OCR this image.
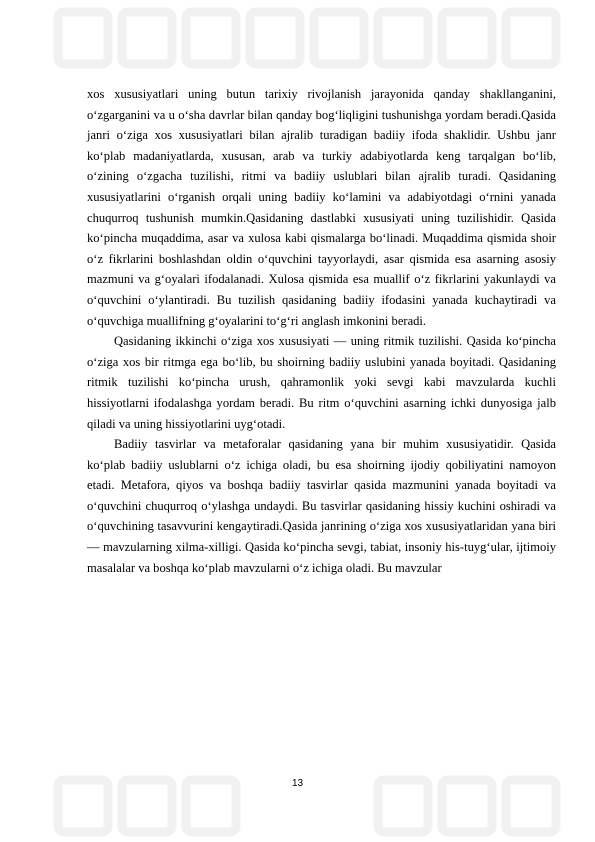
xos xususiyatlari uning butun tarixiy rivojlanish jarayonida qanday shakllanganini, o‘zgarganini va u o‘sha davrlar bilan qanday bog‘liqligini tushunishga yordam beradi.Qasida janri o‘ziga xos xususiyatlari bilan ajralib turadigan badiiy ifoda shaklidir. Ushbu janr ko‘plab madaniyatlarda, xususan, arab va turkiy adabiyotlarda keng tarqalgan bo‘lib, o‘zining o‘zgacha tuzilishi, ritmi va badiiy uslublari bilan ajralib turadi. Qasidaning xususiyatlarini o‘rganish orqali uning badiiy ko‘lamini va adabiyotdagi o‘rnini yanada chuqurroq tushunish mumkin.Qasidaning dastlabki xususiyati uning tuzilishidir. Qasida ko‘pincha muqaddima, asar va xulosa kabi qismalarga bo‘linadi. Muqaddima qismida shoir o‘z fikrlarini boshlashdan oldin o‘quvchini tayyorlaydi, asar qismida esa asarning asosiy mazmuni va g‘oyalari ifodalanadi. Xulosa qismida esa muallif o‘z fikrlarini yakunlaydi va o‘quvchini o‘ylantiradi. Bu tuzilish qasidaning badiiy ifodasini yanada kuchaytiradi va o‘quvchiga muallifning g‘oyalarini to‘g‘ri anglash imkonini beradi.

Qasidaning ikkinchi o‘ziga xos xususiyati — uning ritmik tuzilishi. Qasida ko‘pincha o‘ziga xos bir ritmga ega bo‘lib, bu shoirning badiiy uslubini yanada boyitadi. Qasidaning ritmik tuzilishi ko‘pincha urush, qahramonlik yoki sevgi kabi mavzularda kuchli hissiyotlarni ifodalashga yordam beradi. Bu ritm o‘quvchini asarning ichki dunyosiga jalb qiladi va uning hissiyotlarini uyg‘otadi.

Badiiy tasvirlar va metaforalar qasidaning yana bir muhim xususiyatidir. Qasida ko‘plab badiiy uslublarni o‘z ichiga oladi, bu esa shoirning ijodiy qobiliyatini namoyon etadi. Metafora, qiyos va boshqa badiiy tasvirlar qasida mazmunini yanada boyitadi va o‘quvchini chuqurroq o‘ylashga undaydi. Bu tasvirlar qasidaning hissiy kuchini oshiradi va o‘quvchining tasavvurini kengaytiradi.Qasida janrining o‘ziga xos xususiyatlaridan yana biri — mavzularning xilma-xilligi. Qasida ko‘pincha sevgi, tabiat, insoniy his-tuyg‘ular, ijtimoiy masalalar va boshqa ko‘plab mavzularni o‘z ichiga oladi. Bu mavzular

13
